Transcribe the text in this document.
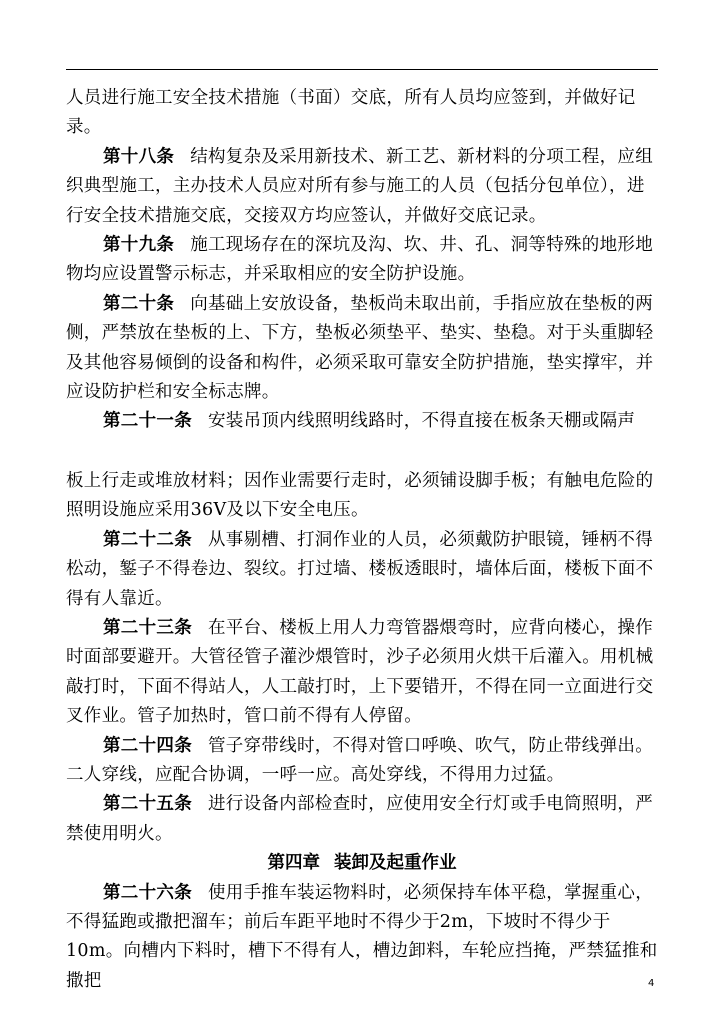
人员进行施工安全技术措施（书面）交底，所有人员均应签到，并做好记录。

第十八条 结构复杂及采用新技术、新工艺、新材料的分项工程，应组织典型施工，主办技术人员应对所有参与施工的人员（包括分包单位），进行安全技术措施交底，交接双方均应签认，并做好交底记录。

第十九条 施工现场存在的深坑及沟、坎、井、孔、洞等特殊的地形地物均应设置警示标志，并采取相应的安全防护设施。

第二十条 向基础上安放设备，垫板尚未取出前，手指应放在垫板的两侧，严禁放在垫板的上、下方，垫板必须垫平、垫实、垫稳。对于头重脚轻及其他容易倾倒的设备和构件，必须采取可靠安全防护措施，垫实撑牢，并应设防护栏和安全标志牌。

第二十一条 安装吊顶内线照明线路时，不得直接在板条天棚或隔声

板上行走或堆放材料；因作业需要行走时，必须铺设脚手板；有触电危险的照明设施应采用36V及以下安全电压。

第二十二条 从事剔槽、打洞作业的人员，必须戴防护眼镜，锤柄不得松动，錾子不得卷边、裂纹。打过墙、楼板透眼时，墙体后面，楼板下面不得有人靠近。

第二十三条 在平台、楼板上用人力弯管器煨弯时，应背向楼心，操作时面部要避开。大管径管子灌沙煨管时，沙子必须用火烘干后灌入。用机械敲打时，下面不得站人，人工敲打时，上下要错开，不得在同一立面进行交叉作业。管子加热时，管口前不得有人停留。

第二十四条 管子穿带线时，不得对管口呼唤、吹气，防止带线弹出。二人穿线，应配合协调，一呼一应。高处穿线，不得用力过猛。

第二十五条 进行设备内部检查时，应使用安全行灯或手电筒照明，严禁使用明火。

第四章 装卸及起重作业

第二十六条 使用手推车装运物料时，必须保持车体平稳，掌握重心，不得猛跑或撒把溜车；前后车距平地时不得少于2m，下坡时不得少于10m。向槽内下料时，槽下不得有人，槽边卸料，车轮应挡掩，严禁猛推和撒把	4
